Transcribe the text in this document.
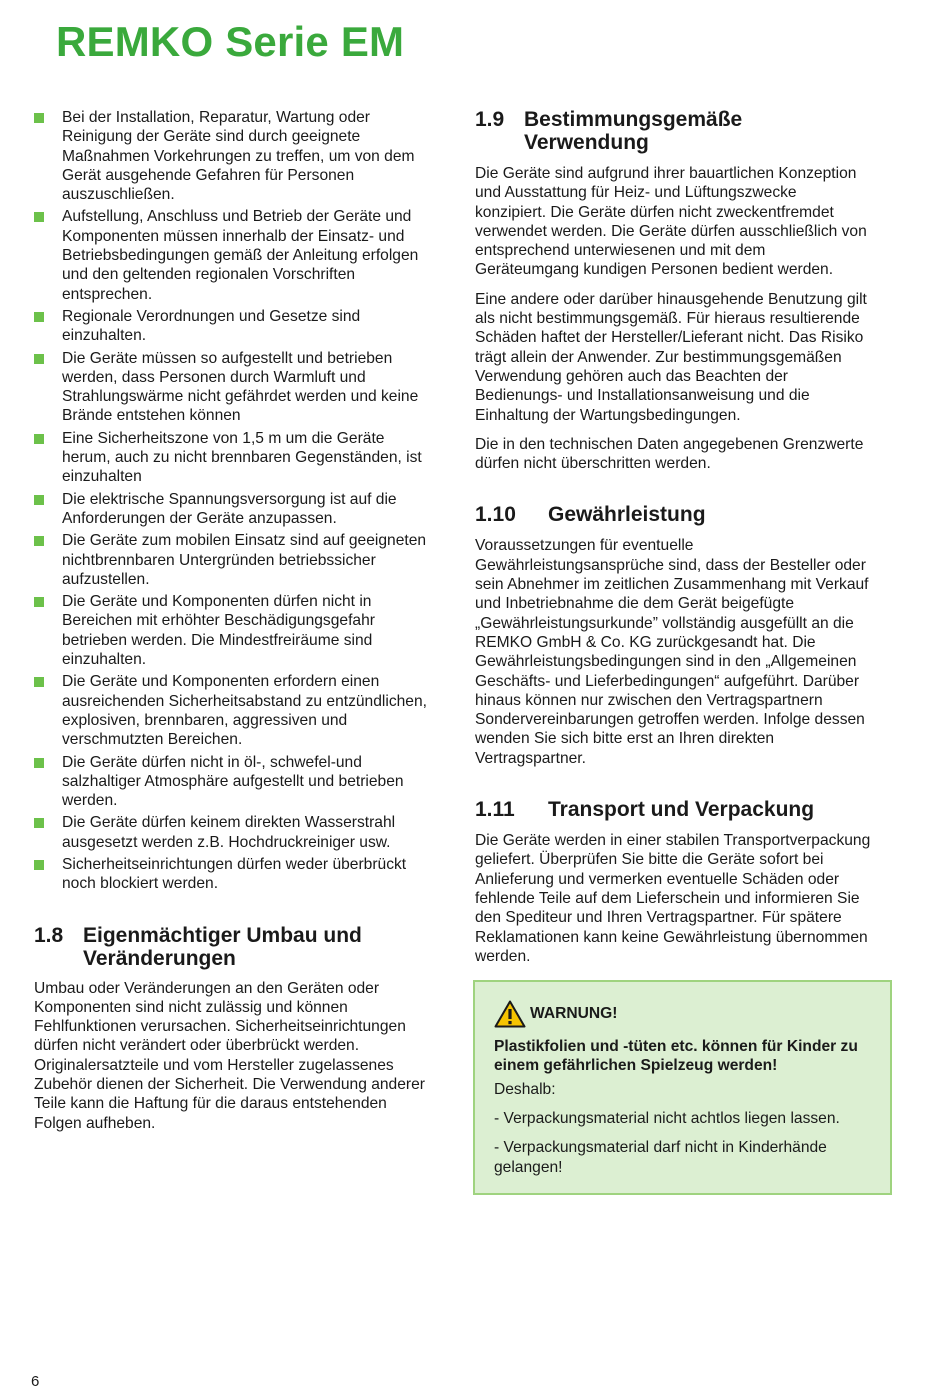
REMKO Serie EM
Bei der Installation, Reparatur, Wartung oder Reinigung der Geräte sind durch geeignete Maßnahmen Vorkehrungen zu treffen, um von dem Gerät ausgehende Gefahren für Personen auszuschließen.
Aufstellung, Anschluss und Betrieb der Geräte und Komponenten müssen innerhalb der Einsatz- und Betriebsbedingungen gemäß der Anleitung erfolgen und den geltenden regionalen Vorschriften entsprechen.
Regionale Verordnungen und Gesetze sind einzuhalten.
Die Geräte müssen so aufgestellt und betrieben werden, dass Personen durch Warmluft und Strahlungswärme nicht gefährdet werden und keine Brände entstehen können
Eine Sicherheitszone von 1,5 m um die Geräte herum, auch zu nicht brennbaren Gegenständen, ist einzuhalten
Die elektrische Spannungsversorgung ist auf die Anforderungen der Geräte anzupassen.
Die Geräte zum mobilen Einsatz sind auf geeigneten nichtbrennbaren Untergründen betriebssicher aufzustellen.
Die Geräte und Komponenten dürfen nicht in Bereichen mit erhöhter Beschädigungsgefahr betrieben werden. Die Mindestfreiräume sind einzuhalten.
Die Geräte und Komponenten erfordern einen ausreichenden Sicherheitsabstand zu entzündlichen, explosiven, brennbaren, aggressiven und verschmutzten Bereichen.
Die Geräte dürfen nicht in öl-, schwefel-und salzhaltiger Atmosphäre aufgestellt und betrieben werden.
Die Geräte dürfen keinem direkten Wasserstrahl ausgesetzt werden z.B. Hochdruckreiniger usw.
Sicherheitseinrichtungen dürfen weder überbrückt noch blockiert werden.
1.8 Eigenmächtiger Umbau und Veränderungen

Umbau oder Veränderungen an den Geräten oder Komponenten sind nicht zulässig und können Fehlfunktionen verursachen. Sicherheitseinrichtungen dürfen nicht verändert oder überbrückt werden. Originalersatzteile und vom Hersteller zugelassenes Zubehör dienen der Sicherheit. Die Verwendung anderer Teile kann die Haftung für die daraus entstehenden Folgen aufheben.

1.9 Bestimmungsgemäße Verwendung

Die Geräte sind aufgrund ihrer bauartlichen Konzeption und Ausstattung für Heiz- und Lüftungszwecke konzipiert. Die Geräte dürfen nicht zweckentfremdet verwendet werden. Die Geräte dürfen ausschließlich von entsprechend unterwiesenen und mit dem Geräteumgang kundigen Personen bedient werden.

Eine andere oder darüber hinausgehende Benutzung gilt als nicht bestimmungsgemäß. Für hieraus resultierende Schäden haftet der Hersteller/Lieferant nicht. Das Risiko trägt allein der Anwender. Zur bestimmungsgemäßen Verwendung gehören auch das Beachten der Bedienungs- und Installationsanweisung und die Einhaltung der Wartungsbedingungen.

Die in den technischen Daten angegebenen Grenzwerte dürfen nicht überschritten werden.

1.10	Gewährleistung

Voraussetzungen für eventuelle Gewährleistungsansprüche sind, dass der Besteller oder sein Abnehmer im zeitlichen Zusammenhang mit Verkauf und Inbetriebnahme die dem Gerät beigefügte „Gewährleistungsurkunde” vollständig ausgefüllt an die REMKO GmbH & Co. KG zurückgesandt hat. Die Gewährleistungsbedingungen sind in den „Allgemeinen Geschäfts- und Lieferbedingungen“ aufgeführt. Darüber hinaus können nur zwischen den Vertragspartnern Sondervereinbarungen getroffen werden. Infolge dessen wenden Sie sich bitte erst an Ihren direkten Vertragspartner.

1.11	Transport und Verpackung

Die Geräte werden in einer stabilen Transportverpackung geliefert. Überprüfen Sie bitte die Geräte sofort bei Anlieferung und vermerken eventuelle Schäden oder fehlende Teile auf dem Lieferschein und informieren Sie den Spediteur und Ihren Vertragspartner. Für spätere Reklamationen kann keine Gewährleistung übernommen werden.

WARNUNG!

Plastikfolien und -tüten etc. können für Kinder zu einem gefährlichen Spielzeug werden!

Deshalb:

- Verpackungsmaterial nicht achtlos liegen lassen.

- Verpackungsmaterial darf nicht in Kinderhände gelangen!

6
